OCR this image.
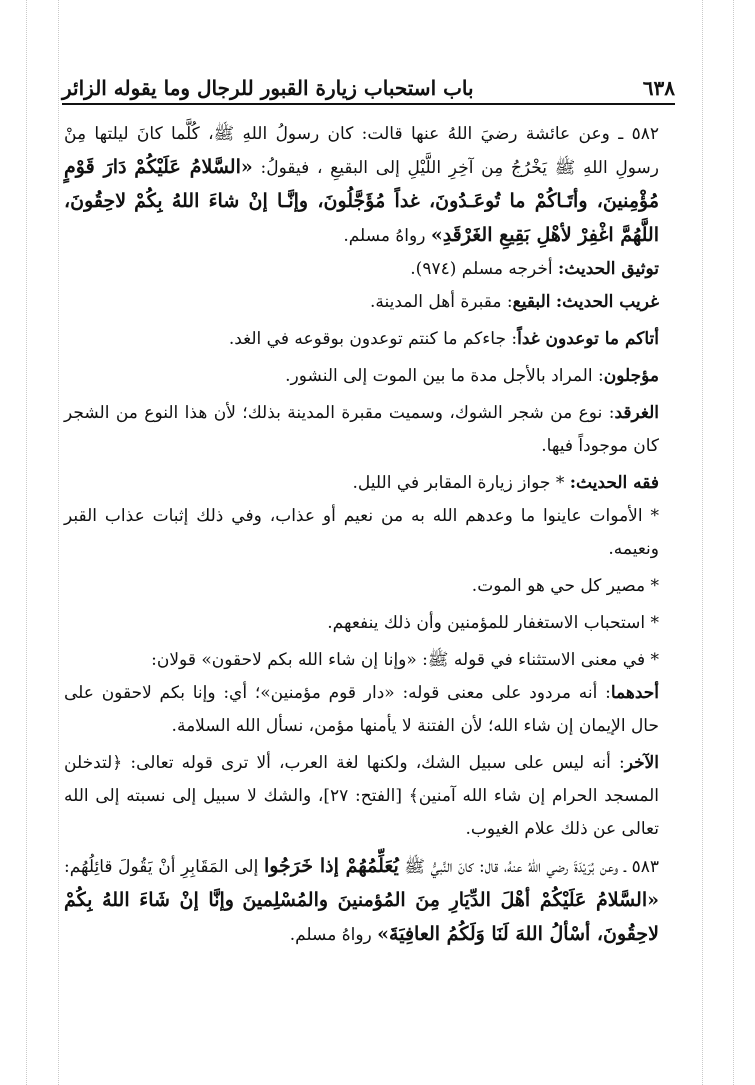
٦٣٨
باب استحباب زيارة القبور للرجال وما يقوله الزائر

٥٨٢ ـ وعن عائشة رضيَ اللهُ عنها قالت: كان رسولُ اللهِ ﷺ، كُلَّما كانَ ليلتها مِنْ رسولِ اللهِ ﷺ يَخْرُجُ مِن آخِرِ اللَّيْلِ إلى البقيعِ ، فيقولُ: «السَّلامُ عَلَيْكُمْ دَارَ قَوْمٍ مُؤْمِنينَ، وأتَـاكُمْ ما تُوعَـدُونَ، غداً مُؤَجَّلُونَ، وإنَّـا إنْ شاءَ اللهُ بِكُمْ لاحِقُونَ، اللَّهُمَّ اغْفِرْ لأهْلِ بَقِيعِ الغَرْقَدِ» رواهُ مسلم.

توثيق الحديث: أخرجه مسلم (٩٧٤).

غريب الحديث: البقيع: مقبرة أهل المدينة.

أتاكم ما توعدون غداً: جاءكم ما كنتم توعدون بوقوعه في الغد.

مؤجلون: المراد بالأجل مدة ما بين الموت إلى النشور.

الغرقد: نوع من شجر الشوك، وسميت مقبرة المدينة بذلك؛ لأن هذا النوع من الشجر كان موجوداً فيها.

فقه الحديث: * جواز زيارة المقابر في الليل.

* الأموات عاينوا ما وعدهم الله به من نعيم أو عذاب، وفي ذلك إثبات عذاب القبر ونعيمه.

* مصير كل حي هو الموت.

* استحباب الاستغفار للمؤمنين وأن ذلك ينفعهم.

* في معنى الاستثناء في قوله ﷺ: «وإنا إن شاء الله بكم لاحقون» قولان:

أحدهما: أنه مردود على معنى قوله: «دار قوم مؤمنين»؛ أي: وإنا بكم لاحقون على حال الإيمان إن شاء الله؛ لأن الفتنة لا يأمنها مؤمن، نسأل الله السلامة.

الآخر: أنه ليس على سبيل الشك، ولكنها لغة العرب، ألا ترى قوله تعالى: ﴿لتدخلن المسجد الحرام إن شاء الله آمنين﴾ [الفتح: ٢٧]، والشك لا سبيل إلى نسبته إلى الله تعالى عن ذلك علام الغيوب.

٥٨٣ ـ وعن بُرَيْدَةَ رضي اللهُ عنهُ، قال: كانَ النَّبيُّ ﷺ يُعَلِّمُهُمْ إذا خَرَجُوا إلى المَقَابِرِ أنْ يَقُولَ قائِلُهُم: «السَّلامُ عَلَيْكُمْ أهْلَ الدِّيَارِ مِنَ المُؤمنينَ والمُسْلِمينَ وإنَّا إنْ شَاءَ اللهُ بِكُمْ لاحِقُونَ، أسْألُ اللهَ لَنَا وَلَكُمُ العافِيَةَ» رواهُ مسلم.
